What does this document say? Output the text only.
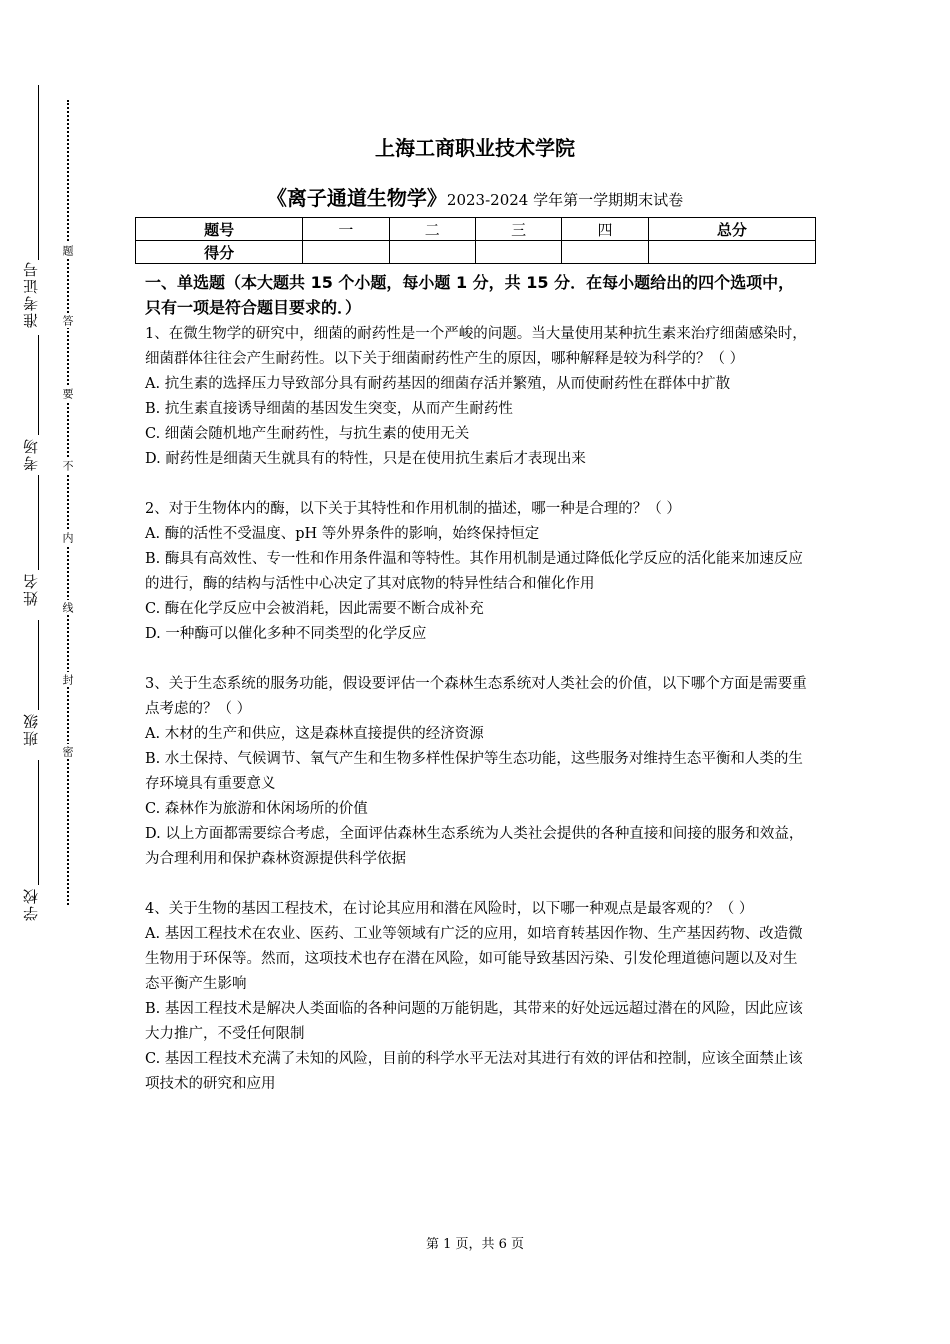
准考证号
考场
姓名
班级
学校
题
答
要
不
内
线
封
密
上海工商职业技术学院
《离子通道生物学》2023-2024 学年第一学期期末试卷
题号	一	二	三	四	总分
得分					

一、单选题（本大题共 15 个小题，每小题 1 分，共 15 分．在每小题给出的四个选项中，只有一项是符合题目要求的．）

1、在微生物学的研究中，细菌的耐药性是一个严峻的问题。当大量使用某种抗生素来治疗细菌感染时，细菌群体往往会产生耐药性。以下关于细菌耐药性产生的原因，哪种解释是较为科学的？（ ）

A. 抗生素的选择压力导致部分具有耐药基因的细菌存活并繁殖，从而使耐药性在群体中扩散

B. 抗生素直接诱导细菌的基因发生突变，从而产生耐药性

C. 细菌会随机地产生耐药性，与抗生素的使用无关

D. 耐药性是细菌天生就具有的特性，只是在使用抗生素后才表现出来

2、对于生物体内的酶，以下关于其特性和作用机制的描述，哪一种是合理的？（ ）

A. 酶的活性不受温度、pH 等外界条件的影响，始终保持恒定

B. 酶具有高效性、专一性和作用条件温和等特性。其作用机制是通过降低化学反应的活化能来加速反应的进行，酶的结构与活性中心决定了其对底物的特异性结合和催化作用

C. 酶在化学反应中会被消耗，因此需要不断合成补充

D. 一种酶可以催化多种不同类型的化学反应

3、关于生态系统的服务功能，假设要评估一个森林生态系统对人类社会的价值，以下哪个方面是需要重点考虑的？（ ）

A. 木材的生产和供应，这是森林直接提供的经济资源

B. 水土保持、气候调节、氧气产生和生物多样性保护等生态功能，这些服务对维持生态平衡和人类的生存环境具有重要意义

C. 森林作为旅游和休闲场所的价值

D. 以上方面都需要综合考虑，全面评估森林生态系统为人类社会提供的各种直接和间接的服务和效益，为合理利用和保护森林资源提供科学依据

4、关于生物的基因工程技术，在讨论其应用和潜在风险时，以下哪一种观点是最客观的？（ ）

A. 基因工程技术在农业、医药、工业等领域有广泛的应用，如培育转基因作物、生产基因药物、改造微生物用于环保等。然而，这项技术也存在潜在风险，如可能导致基因污染、引发伦理道德问题以及对生态平衡产生影响

B. 基因工程技术是解决人类面临的各种问题的万能钥匙，其带来的好处远远超过潜在的风险，因此应该大力推广，不受任何限制

C. 基因工程技术充满了未知的风险，目前的科学水平无法对其进行有效的评估和控制，应该全面禁止该项技术的研究和应用

第 1 页，共 6 页
